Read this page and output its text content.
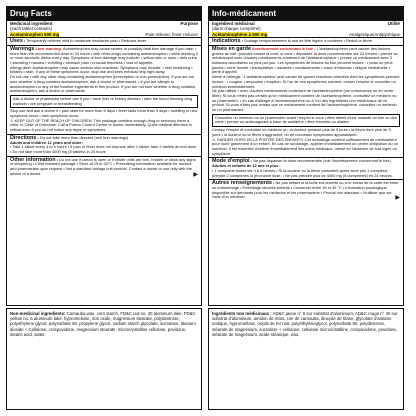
Drug Facts
Medicinal ingredient	Purpose
(each tablet contains)
Acetaminophen 500 mg	Pain reliever, fever reducer
Uses • Temporarily relieves mild to moderate headache pain • Reduces fever
Warnings Liver warning: Acetaminophen may cause severe or possibly fatal liver damage if you take: • more than the recommended dose in 24 hours • with other drugs containing acetaminophen • while drinking 3 or more alcoholic drinks every day. Symptoms of liver damage may include: • yellow skin or eyes • dark urine • sweating • nausea • vomiting • stomach pain • unusual tiredness • loss of appetite.
Allergy alert: Acetaminophen may cause serious skin reactions. Symptoms may include: • skin reddening • blisters • rash. If any of these symptoms occur, stop use and seek medical help right away.
Do not use • with any other drug containing acetaminophen (prescription or non-prescription). If you are not sure whether a drug contains acetaminophen, ask a doctor or pharmacist. • if you are allergic to acetaminophen or any of the inactive ingredients in this product. If you are not sure whether a drug contains acetaminophen, ask a doctor or pharmacist.
Ask a doctor or pharmacist before use if you • have liver or kidney disease • take the blood thinning drug warfarin • are pregnant or breastfeeding
Stop use and ask a doctor if • pain lasts for more than 5 days • fever lasts more than 3 days • swelling or new symptoms occur • new symptoms occur.
⚠ KEEP OUT OF THE REACH OF CHILDREN. This package contains enough drug to seriously harm a child. In Case of Overdose: Call a Poison Control Centre or doctor immediately. Quick medical attention is critical even if you do not notice any signs or symptoms.
Directions • Do not take more than directed (see liver warnings)
Adults and children 12 years and older:
• Take 1 tablet every 4 to 6 hours • If pain or fever does not improve after 1 tablet, take 2 tablets at next dose • Do not take more than 4000 mg (8 tablets) in 24 hours
Other information • Do not use if carton is open or if blister units are torn, broken or show any signs of tampering • Child resistant package • Store at 15 to 30°C • Prescribing information available for doctors and pharmacists upon request • Not a standard dosage unit product. Contact a doctor or use only with the advice of a doctor	▶
Info-médicament
Ingrédient médicinal	Utilité
(dans chaque comprimé)
Acétaminophène à 500 mg	Analgésique/Antipyrétique
Indications • Soulage temporairement la mal de tête légère à modérée • Réduit la fièvre
Mises en garde Avertissement concernant le foie : L'acétaminophène peut causer des lésions graves au foie, pouvant causer la mort, si vous • dépassez la dose recommandée sur 24 heures • prenez ce médicament avec d'autres médicaments contenant de l'acétaminophène • prenez ce médicament avec 3 boissons alcoolisées ou plus par jour. Les symptômes de lésions au foie peuvent inclure : • peau ou yeux jaunes • urine foncée • transpiration • nausées • vomissements • maux d'estomac • fatigue inhabituelle • perte d'appétit
Alerte à l'allergie : L'acétaminophène peut causer de graves réactions cutanées dont les symptômes peuvent inclure : • rougeur • ampoules • éruption. Si l'un de ces symptômes survient, cesser l'emploi et consulter un médecin immédiatement.
Ne pas utiliser • avec d'autres médicaments contenant de l'acétaminophène (sur ordonnance ou en vente libre). Si vous n'êtes pas certain qu'un médicament contient de l'acétaminophène, consultez un médecin ou un pharmacien. • en cas d'allergie à l'acétaminophène ou à l'un des ingrédients non médicinaux de ce produit. Si vous n'êtes pas certain que ce médicament contient de l'acétaminophène, consultez un médecin ou un pharmacien.
Consultez un médecin ou un pharmacien avant l'emploi si vous • êtes atteint d'une maladie du foie ou des reins • prenez un anticoagulant à base de warfarine • êtes enceinte ou allaitez
Cessez l'emploi et consultez un médecin si • la douleur persiste plus de 5 jours • la fièvre dure plus de 3 jours • la douleur ou la fièvre s'aggravent, ou de nouveaux symptômes apparaissent.
⚠ GARDER HORS DE LA PORTÉE DES ENFANTS. Cet emballage contient suffisamment de médicament pour nuire gravement à un enfant. En cas de surdosage, appeler immédiatement un centre antipoison ou un médecin. Il est essentiel d'obtenir immédiatement des soins médicaux, même en l'absence de tout signe ou symptôme.
Mode d'emploi • Ne pas dépasser la dose recommandée (voir l'avertissement concernant le foie).
Adultes et enfants de 12 ans et plus :
• 1 comprimé toutes les 4 à 6 heures • Si la douleur ou la fièvre persistent après avoir pris 1 comprimé, prendre 2 comprimés la prochaine dose. • Ne pas prendre plus de 4000 mg (8 comprimés) en 24 heures.
Autres renseignements • Ne pas utiliser si la boîte est ouverte ou si le sceau de la carte est brisé ou endommagé • Emballage sécurité-enfants • Conserver entre 15 et 30 °C • Information posologique disponible sur demande pour les médecins et les pharmaciens • Produit non standard • N'utiliser que sur l'avis d'un médecin	▶
Non-medicinal ingredients: Carnauba wax, corn starch, FD&C red no. 40 aluminum lake, FD&C yellow no. 6 aluminum lake, hypromellose, iron oxide, magnesium stearate, polydextrose, polyethylene glycol, polysorbate 80, propylene glycol, sodium starch glycolate, sucralose, titanium dioxide + Cellulose, crospovidone, magnesium stearate, microcrystalline cellulose, povidone, stearic acid, water.
Ingrédients non médicinaux : AD&C jaune n° 6 sur substrat d'aluminium, AD&C rouge n° 40 sur substrat d'aluminium, amidon de maïs, cire de carnauba, dioxyde de titane, glycolate d'amidon sodique, hypromellose, oxyde de fer noir, polyéthylèneglycol, polysorbate 80, polydextrose, stéarate de magnésium, sucralose + cellulose, cellulose microcristalline, crospovidone, povidone, stéarate de magnésium, acide stéarique, eau.
